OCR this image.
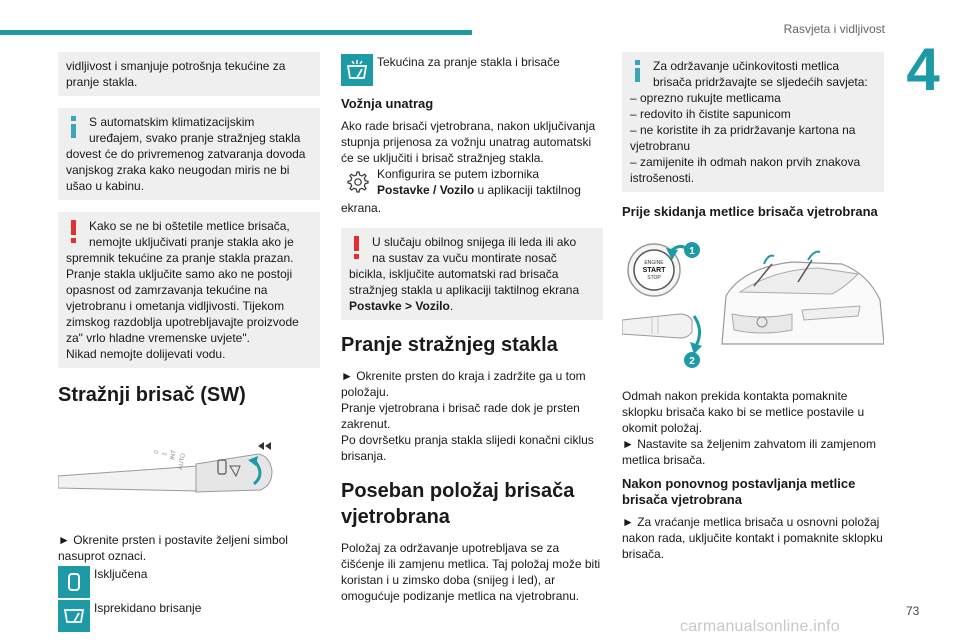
Rasvjeta i vidljivost
4

vidljivost i smanjuje potrošnja tekućine za pranje stakla.

S automatskim klimatizacijskim

uređajem, svako pranje stražnjeg stakla

dovest će do privremenog zatvaranja dovoda vanjskog zraka kako neugodan miris ne bi ušao u kabinu.

Kako se ne bi oštetile metlice brisača,

nemojte uključivati pranje stakla ako je

spremnik tekućine za pranje stakla prazan. Pranje stakla uključite samo ako ne postoji opasnost od zamrzavanja tekućine na vjetrobranu i ometanja vidljivosti. Tijekom zimskog razdoblja upotrebljavajte proizvode za" vrlo hladne vremenske uvjete".

Nikad nemojte dolijevati vodu.

Stražnji brisač (SW)
0 1 INT AUTO

► Okrenite prsten i postavite željeni simbol nasuprot oznaci.

Isključena
Isprekidano brisanje
Tekućina za pranje stakla i brisače
Vožnja unatrag

Ako rade brisači vjetrobrana, nakon uključivanja stupnja prijenosa za vožnju unatrag automatski će se uključiti i brisač stražnjeg stakla.

Konfigurira se putem izbornika

Postavke / Vozilo u aplikaciji taktilnog

ekrana.

U slučaju obilnog snijega ili leda ili ako

na sustav za vuču montirate nosač

bicikla, isključite automatski rad brisača stražnjeg stakla u aplikaciji taktilnog ekrana Postavke > Vozilo.

Pranje stražnjeg stakla

► Okrenite prsten do kraja i zadržite ga u tom položaju.

Pranje vjetrobrana i brisač rade dok je prsten zakrenut.

Po dovršetku pranja stakla slijedi konačni ciklus brisanja.

Poseban položaj brisača vjetrobrana

Položaj za održavanje upotrebljava se za čišćenje ili zamjenu metlica. Taj položaj može biti koristan i u zimsko doba (snijeg i led), ar omogućuje podizanje metlica na vjetrobranu.

Za održavanje učinkovitosti metlica

brisača pridržavajte se sljedećih savjeta:

– oprezno rukujte metlicama

– redovito ih čistite sapunicom

– ne koristite ih za pridržavanje kartona na vjetrobranu

– zamijenite ih odmah nakon prvih znakova istrošenosti.

Prije skidanja metlice brisača vjetrobrana
ENGINE
START
STOP
1
2

Odmah nakon prekida kontakta pomaknite sklopku brisača kako bi se metlice postavile u okomit položaj.

► Nastavite sa željenim zahvatom ili zamjenom metlica brisača.

Nakon ponovnog postavljanja metlice brisača vjetrobrana

► Za vraćanje metlica brisača u osnovni položaj nakon rada, uključite kontakt i pomaknite sklopku brisača.

73
carmanualsonline.info
